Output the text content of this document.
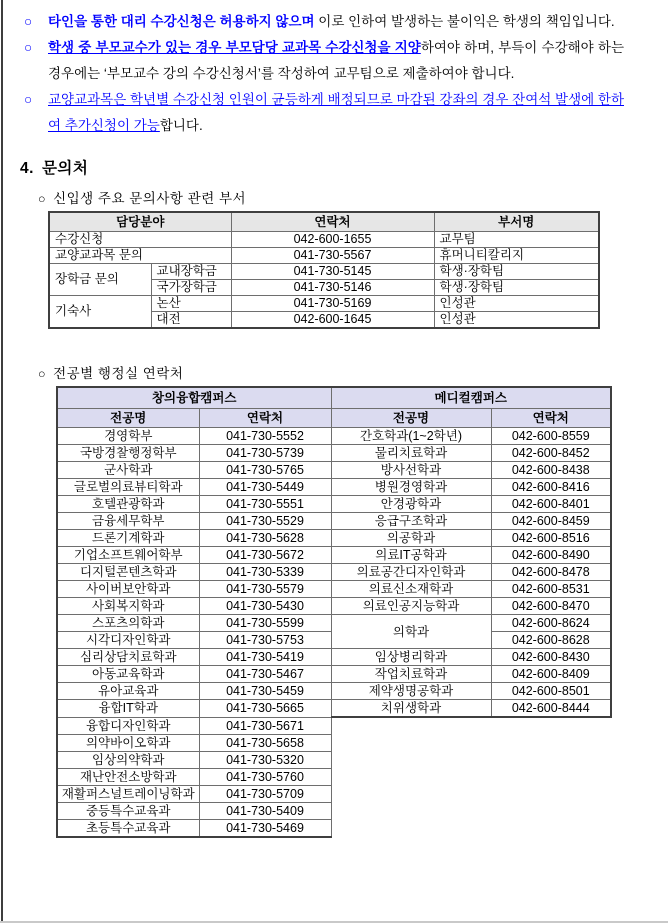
○ 타인을 통한 대리 수강신청은 허용하지 않으며 이로 인하여 발생하는 불이익은 학생의 책임입니다.
○ 학생 중 부모교수가 있는 경우 부모담당 교과목 수강신청을 지양하여야 하며, 부득이 수강해야 하는 경우에는 ‘부모교수 강의 수강신청서’를 작성하여 교무팀으로 제출하여야 합니다.
○ 교양교과목은 학년별 수강신청 인원이 균등하게 배정되므로 마감된 강좌의 경우 잔여석 발생에 한하여 추가신청이 가능합니다.
4. 문의처
○ 신입생 주요 문의사항 관련 부서
담당분야		연락처	부서명
수강신청		042-600-1655	교무팀
교양교과목 문의		041-730-5567	휴머니티칼리지
장학금 문의	교내장학금	041-730-5145	학생·장학팀
	국가장학금	041-730-5146	학생·장학팀
기숙사	논산	041-730-5169	인성관
	대전	042-600-1645	인성관
○ 전공별 행정실 연락처
창의융합캠퍼스		메디컬캠퍼스	
전공명	연락처	전공명	연락처
경영학부	041-730-5552	간호학과(1~2학년)	042-600-8559
국방경찰행정학부	041-730-5739	물리치료학과	042-600-8452
군사학과	041-730-5765	방사선학과	042-600-8438
글로벌의료뷰티학과	041-730-5449	병원경영학과	042-600-8416
호텔관광학과	041-730-5551	안경광학과	042-600-8401
금융세무학부	041-730-5529	응급구조학과	042-600-8459
드론기계학과	041-730-5628	의공학과	042-600-8516
기업소프트웨어학부	041-730-5672	의료IT공학과	042-600-8490
디지털콘텐츠학과	041-730-5339	의료공간디자인학과	042-600-8478
사이버보안학과	041-730-5579	의료신소재학과	042-600-8531
사회복지학과	041-730-5430	의료인공지능학과	042-600-8470
스포츠의학과	041-730-5599	의학과	042-600-8624
시각디자인학과	041-730-5753		042-600-8628
심리상담치료학과	041-730-5419	임상병리학과	042-600-8430
아동교육학과	041-730-5467	작업치료학과	042-600-8409
유아교육과	041-730-5459	제약생명공학과	042-600-8501
융합IT학과	041-730-5665	치위생학과	042-600-8444
융합디자인학과	041-730-5671		
의약바이오학과	041-730-5658		
임상의약학과	041-730-5320		
재난안전소방학과	041-730-5760		
재활퍼스널트레이닝학과	041-730-5709		
중등특수교육과	041-730-5409		
초등특수교육과	041-730-5469		
